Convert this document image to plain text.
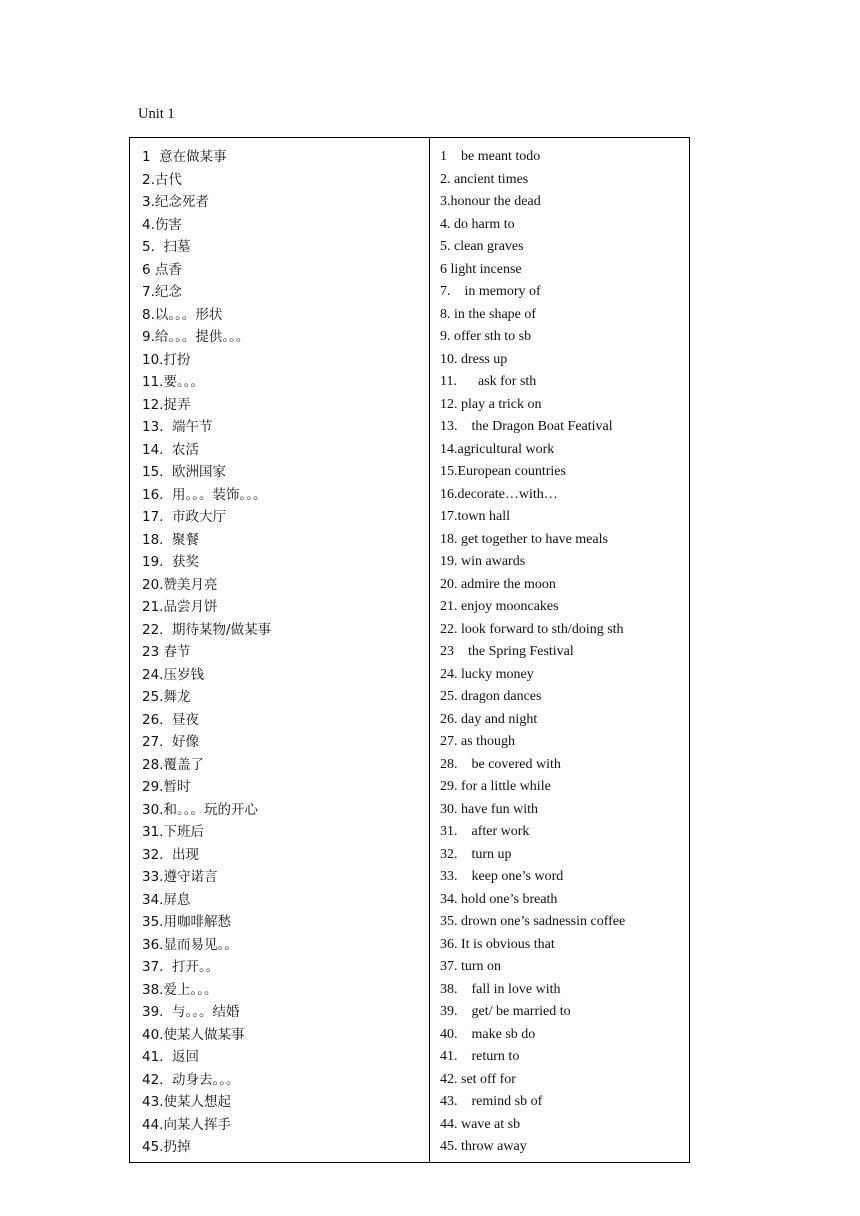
Unit 1
1  意在做某事
2.古代
3.纪念死者
4.伤害
5.  扫墓
6 点香
7.纪念
8.以。。。形状
9.给。。。提供。。。
10.打扮
11.要。。。
12.捉弄
13.  端午节
14.  农活
15.  欧洲国家
16.  用。。。装饰。。。
17.  市政大厅
18.  聚餐
19.  获奖
20.赞美月亮
21.品尝月饼
22.  期待某物/做某事
23 春节
24.压岁钱
25.舞龙
26.  昼夜
27.  好像
28.覆盖了
29.暂时
30.和。。。玩的开心
31.下班后
32.  出现
33.遵守诺言
34.屏息
35.用咖啡解愁
36.显而易见。。
37.  打开。。
38.爱上。。。
39.  与。。。结婚
40.使某人做某事
41.  返回
42.  动身去。。。
43.使某人想起
44.向某人挥手
45.扔掉
1    be meant todo
2. ancient times
3.honour the dead
4. do harm to
5. clean graves
6 light incense
7.    in memory of
8. in the shape of
9. offer sth to sb
10. dress up
11.      ask for sth
12. play a trick on
13.    the Dragon Boat Featival
14.agricultural work
15.European countries
16.decorate…with…
17.town hall
18. get together to have meals
19. win awards
20. admire the moon
21. enjoy mooncakes
22. look forward to sth/doing sth
23    the Spring Festival
24. lucky money
25. dragon dances
26. day and night
27. as though
28.    be covered with
29. for a little while
30. have fun with
31.    after work
32.    turn up
33.    keep one’s word
34. hold one’s breath
35. drown one’s sadnessin coffee
36. It is obvious that
37. turn on
38.    fall in love with
39.    get/ be married to
40.    make sb do
41.    return to
42. set off for
43.    remind sb of
44. wave at sb
45. throw away
